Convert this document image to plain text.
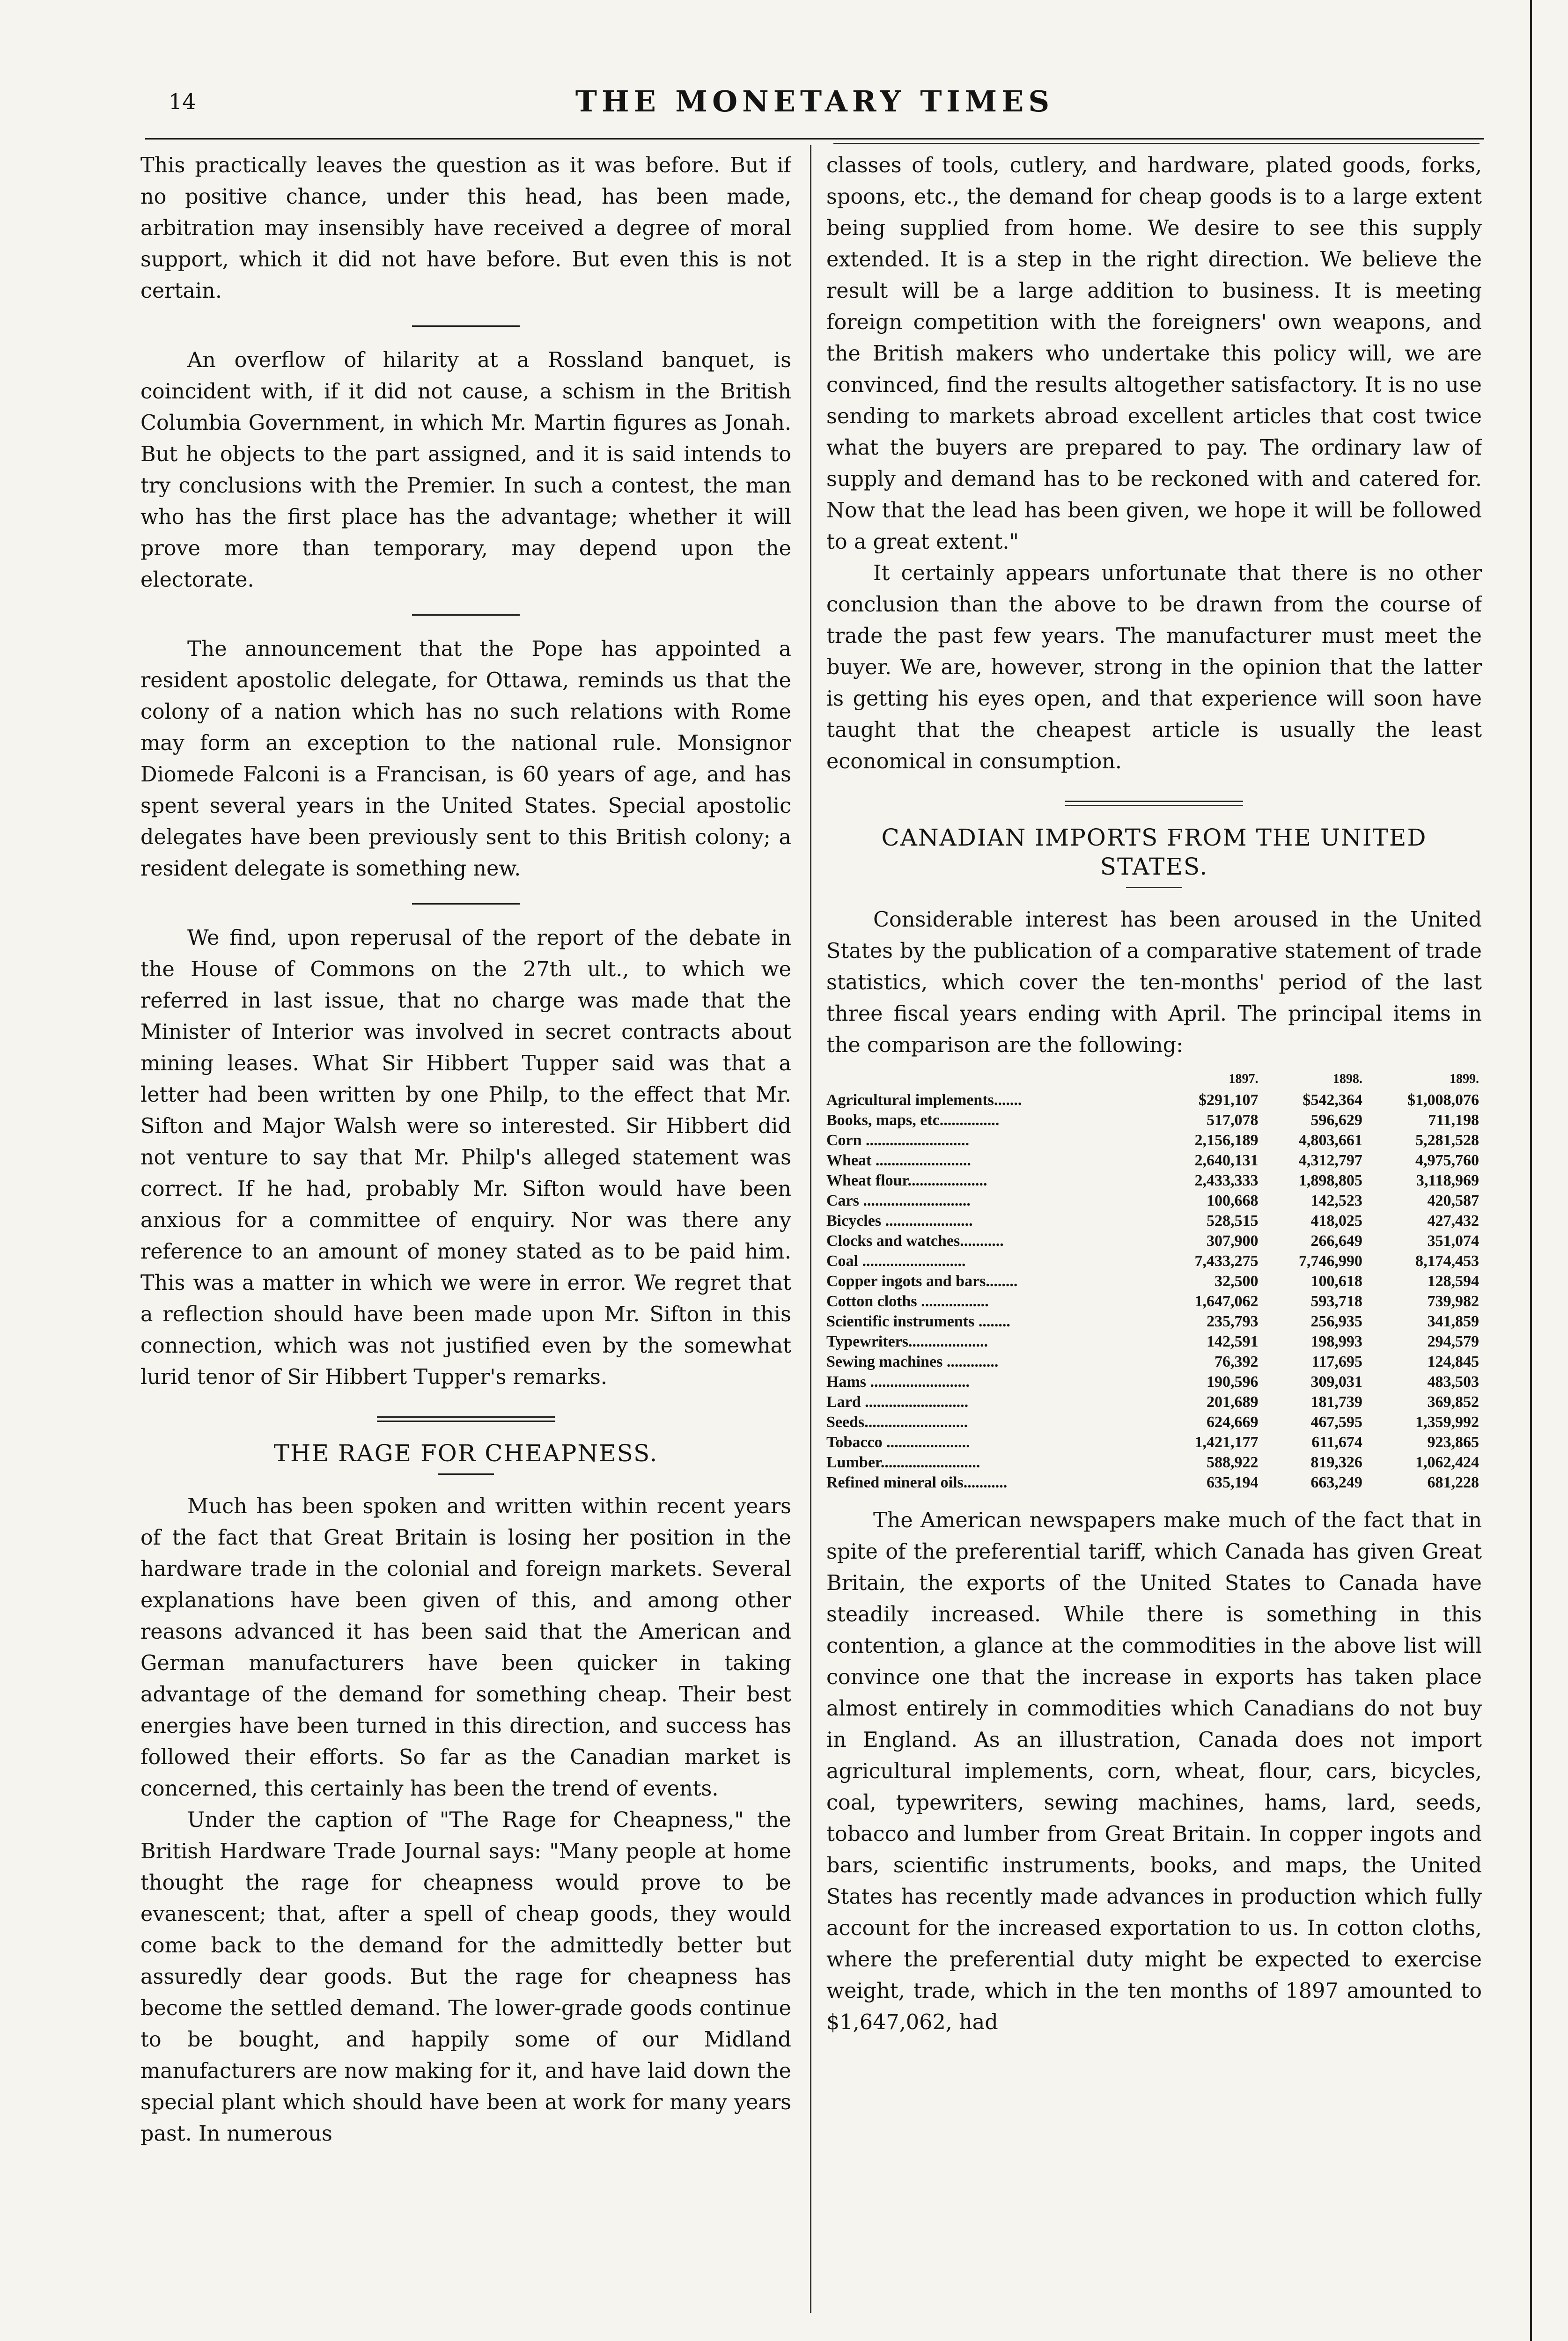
14	THE MONETARY TIMES

This practically leaves the question as it was before. But if no positive chance, under this head, has been made, arbitration may insensibly have received a degree of moral support, which it did not have before. But even this is not certain.

An overflow of hilarity at a Rossland banquet, is coincident with, if it did not cause, a schism in the British Columbia Government, in which Mr. Martin figures as Jonah. But he objects to the part assigned, and it is said intends to try conclusions with the Premier. In such a contest, the man who has the first place has the advantage; whether it will prove more than temporary, may depend upon the electorate.

The announcement that the Pope has appointed a resident apostolic delegate, for Ottawa, reminds us that the colony of a nation which has no such relations with Rome may form an exception to the national rule. Monsignor Diomede Falconi is a Francisan, is 60 years of age, and has spent several years in the United States. Special apostolic delegates have been previously sent to this British colony; a resident delegate is something new.

We find, upon reperusal of the report of the debate in the House of Commons on the 27th ult., to which we referred in last issue, that no charge was made that the Minister of Interior was involved in secret contracts about mining leases. What Sir Hibbert Tupper said was that a letter had been written by one Philp, to the effect that Mr. Sifton and Major Walsh were so interested. Sir Hibbert did not venture to say that Mr. Philp's alleged statement was correct. If he had, probably Mr. Sifton would have been anxious for a committee of enquiry. Nor was there any reference to an amount of money stated as to be paid him. This was a matter in which we were in error. We regret that a reflection should have been made upon Mr. Sifton in this connection, which was not justified even by the somewhat lurid tenor of Sir Hibbert Tupper's remarks.

THE RAGE FOR CHEAPNESS.

Much has been spoken and written within recent years of the fact that Great Britain is losing her position in the hardware trade in the colonial and foreign markets. Several explanations have been given of this, and among other reasons advanced it has been said that the American and German manufacturers have been quicker in taking advantage of the demand for something cheap. Their best energies have been turned in this direction, and success has followed their efforts. So far as the Canadian market is concerned, this certainly has been the trend of events.

Under the caption of "The Rage for Cheapness," the British Hardware Trade Journal says: "Many people at home thought the rage for cheapness would prove to be evanescent; that, after a spell of cheap goods, they would come back to the demand for the admittedly better but assuredly dear goods. But the rage for cheapness has become the settled demand. The lower-grade goods continue to be bought, and happily some of our Midland manufacturers are now making for it, and have laid down the special plant which should have been at work for many years past. In numerous

classes of tools, cutlery, and hardware, plated goods, forks, spoons, etc., the demand for cheap goods is to a large extent being supplied from home. We desire to see this supply extended. It is a step in the right direction. We believe the result will be a large addition to business. It is meeting foreign competition with the foreigners' own weapons, and the British makers who undertake this policy will, we are convinced, find the results altogether satisfactory. It is no use sending to markets abroad excellent articles that cost twice what the buyers are prepared to pay. The ordinary law of supply and demand has to be reckoned with and catered for. Now that the lead has been given, we hope it will be followed to a great extent."

It certainly appears unfortunate that there is no other conclusion than the above to be drawn from the course of trade the past few years. The manufacturer must meet the buyer. We are, however, strong in the opinion that the latter is getting his eyes open, and that experience will soon have taught that the cheapest article is usually the least economical in consumption.

CANADIAN IMPORTS FROM THE UNITED STATES.

Considerable interest has been aroused in the United States by the publication of a comparative statement of trade statistics, which cover the ten-months' period of the last three fiscal years ending with April. The principal items in the comparison are the following:

	1897.	1898.	1899.
Agricultural implements.......	$291,107	$542,364	$1,008,076
Books, maps, etc...............	517,078	596,629	711,198
Corn ..........................	2,156,189	4,803,661	5,281,528
Wheat ........................	2,640,131	4,312,797	4,975,760
Wheat flour....................	2,433,333	1,898,805	3,118,969
Cars ...........................	100,668	142,523	420,587
Bicycles ......................	528,515	418,025	427,432
Clocks and watches...........	307,900	266,649	351,074
Coal ..........................	7,433,275	7,746,990	8,174,453
Copper ingots and bars........	32,500	100,618	128,594
Cotton cloths .................	1,647,062	593,718	739,982
Scientific instruments ........	235,793	256,935	341,859
Typewriters....................	142,591	198,993	294,579
Sewing machines .............	76,392	117,695	124,845
Hams .........................	190,596	309,031	483,503
Lard ..........................	201,689	181,739	369,852
Seeds..........................	624,669	467,595	1,359,992
Tobacco .....................	1,421,177	611,674	923,865
Lumber.........................	588,922	819,326	1,062,424
Refined mineral oils...........	635,194	663,249	681,228

The American newspapers make much of the fact that in spite of the preferential tariff, which Canada has given Great Britain, the exports of the United States to Canada have steadily increased. While there is something in this contention, a glance at the commodities in the above list will convince one that the increase in exports has taken place almost entirely in commodities which Canadians do not buy in England. As an illustration, Canada does not import agricultural implements, corn, wheat, flour, cars, bicycles, coal, typewriters, sewing machines, hams, lard, seeds, tobacco and lumber from Great Britain. In copper ingots and bars, scientific instruments, books, and maps, the United States has recently made advances in production which fully account for the increased exportation to us. In cotton cloths, where the preferential duty might be expected to exercise weight, trade, which in the ten months of 1897 amounted to $1,647,062, had
